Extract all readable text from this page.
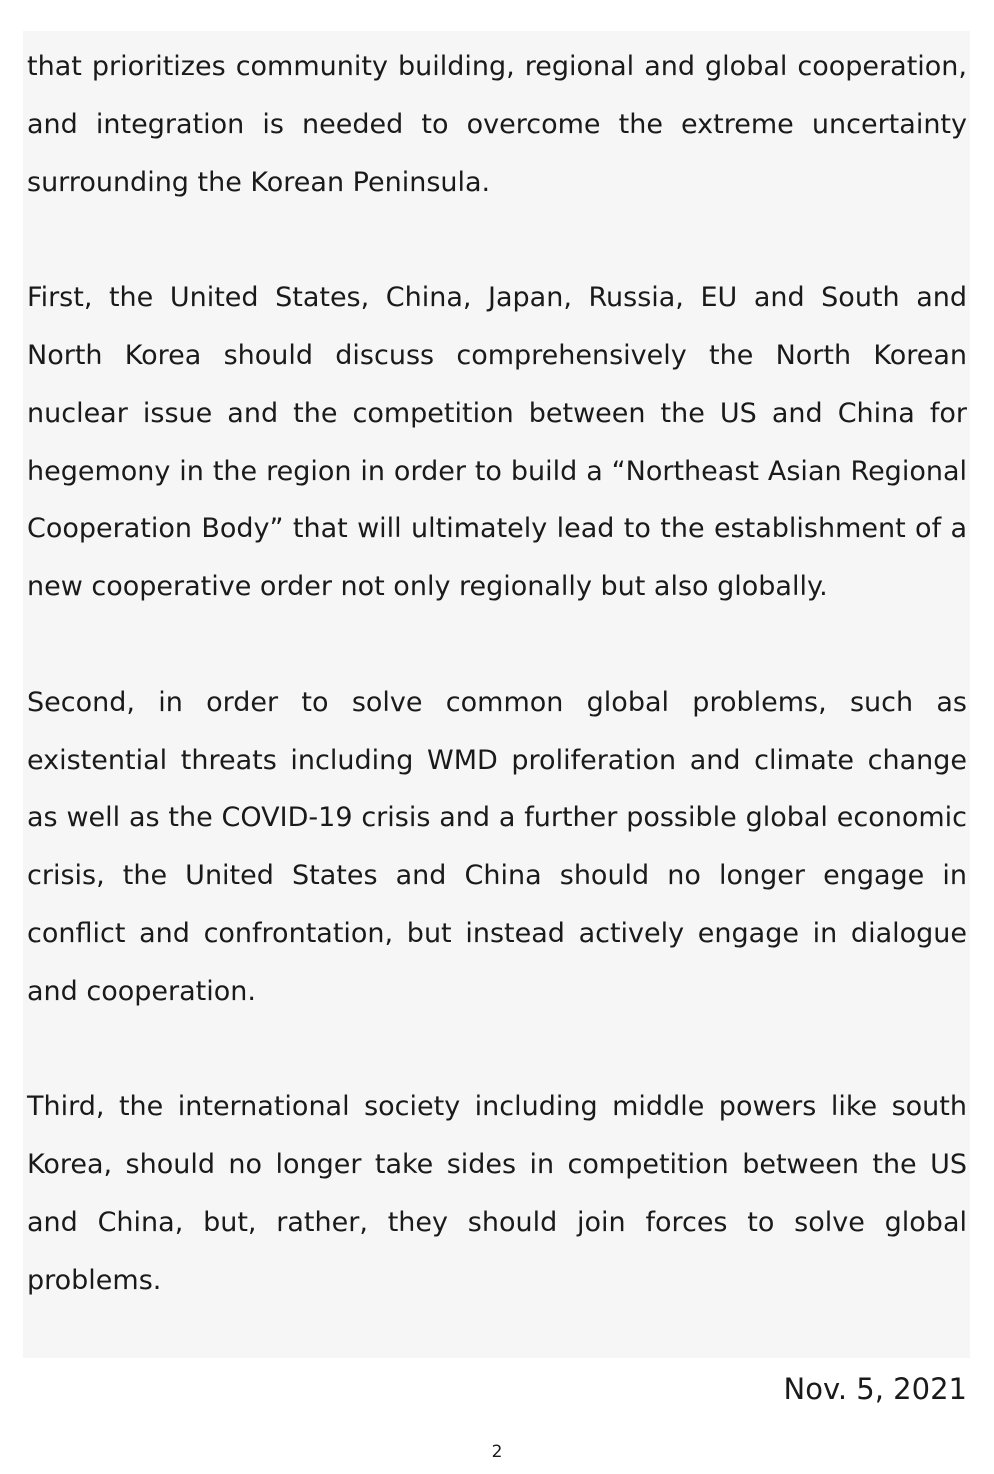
that prioritizes community building, regional and global cooperation, and integration is needed to overcome the extreme uncertainty surrounding the Korean Peninsula.

First, the United States, China, Japan, Russia, EU and South and North Korea should discuss comprehensively the North Korean nuclear issue and the competition between the US and China for hegemony in the region in order to build a “Northeast Asian Regional Cooperation Body” that will ultimately lead to the establishment of a new cooperative order not only regionally but also globally.

Second, in order to solve common global problems, such as existential threats including WMD proliferation and climate change as well as the COVID-19 crisis and a further possible global economic crisis, the United States and China should no longer engage in conflict and confrontation, but instead actively engage in dialogue and cooperation.

Third, the international society including middle powers like south Korea, should no longer take sides in competition between the US and China, but, rather, they should join forces to solve global problems.

Nov. 5, 2021
2
